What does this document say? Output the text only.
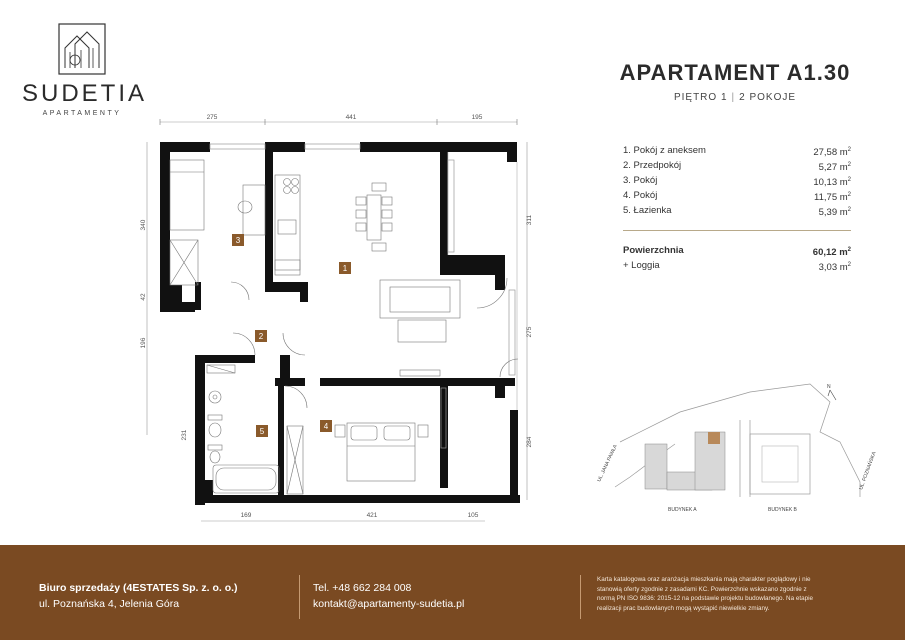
SUDETIA
APARTAMENTY
275	441	195
169	421	105
340
42
196
231
311
275
284
1
2
3
4
5
APARTAMENT A1.30
PIĘTRO 1 | 2 POKOJE
1. Pokój z aneksem	27,58 $m^2$
2. Przedpokój	5,27 $m^2$
3. Pokój	10,13 $m^2$
4. Pokój	11,75 $m^2$
5. Łazienka	5,39 $m^2$
Powierzchnia	60,12 $m^2$
+ Loggia	3,03 $m^2$
N
UL. JANA PAWŁA	UL. POZNAŃSKA
BUDYNEK A	BUDYNEK B
Biuro sprzedaży (4ESTATES Sp. z. o. o.)
ul. Poznańska 4, Jelenia Góra
Tel. +48 662 284 008
kontakt@apartamenty-sudetia.pl
Karta katalogowa oraz aranżacja mieszkania mają charakter poglądowy i nie
stanowią oferty zgodnie z zasadami KC. Powierzchnie wskazano zgodnie z
normą PN ISO 9836: 2015-12 na podstawie projektu budowlanego. Na etapie
realizacji prac budowlanych mogą wystąpić niewielkie zmiany.
